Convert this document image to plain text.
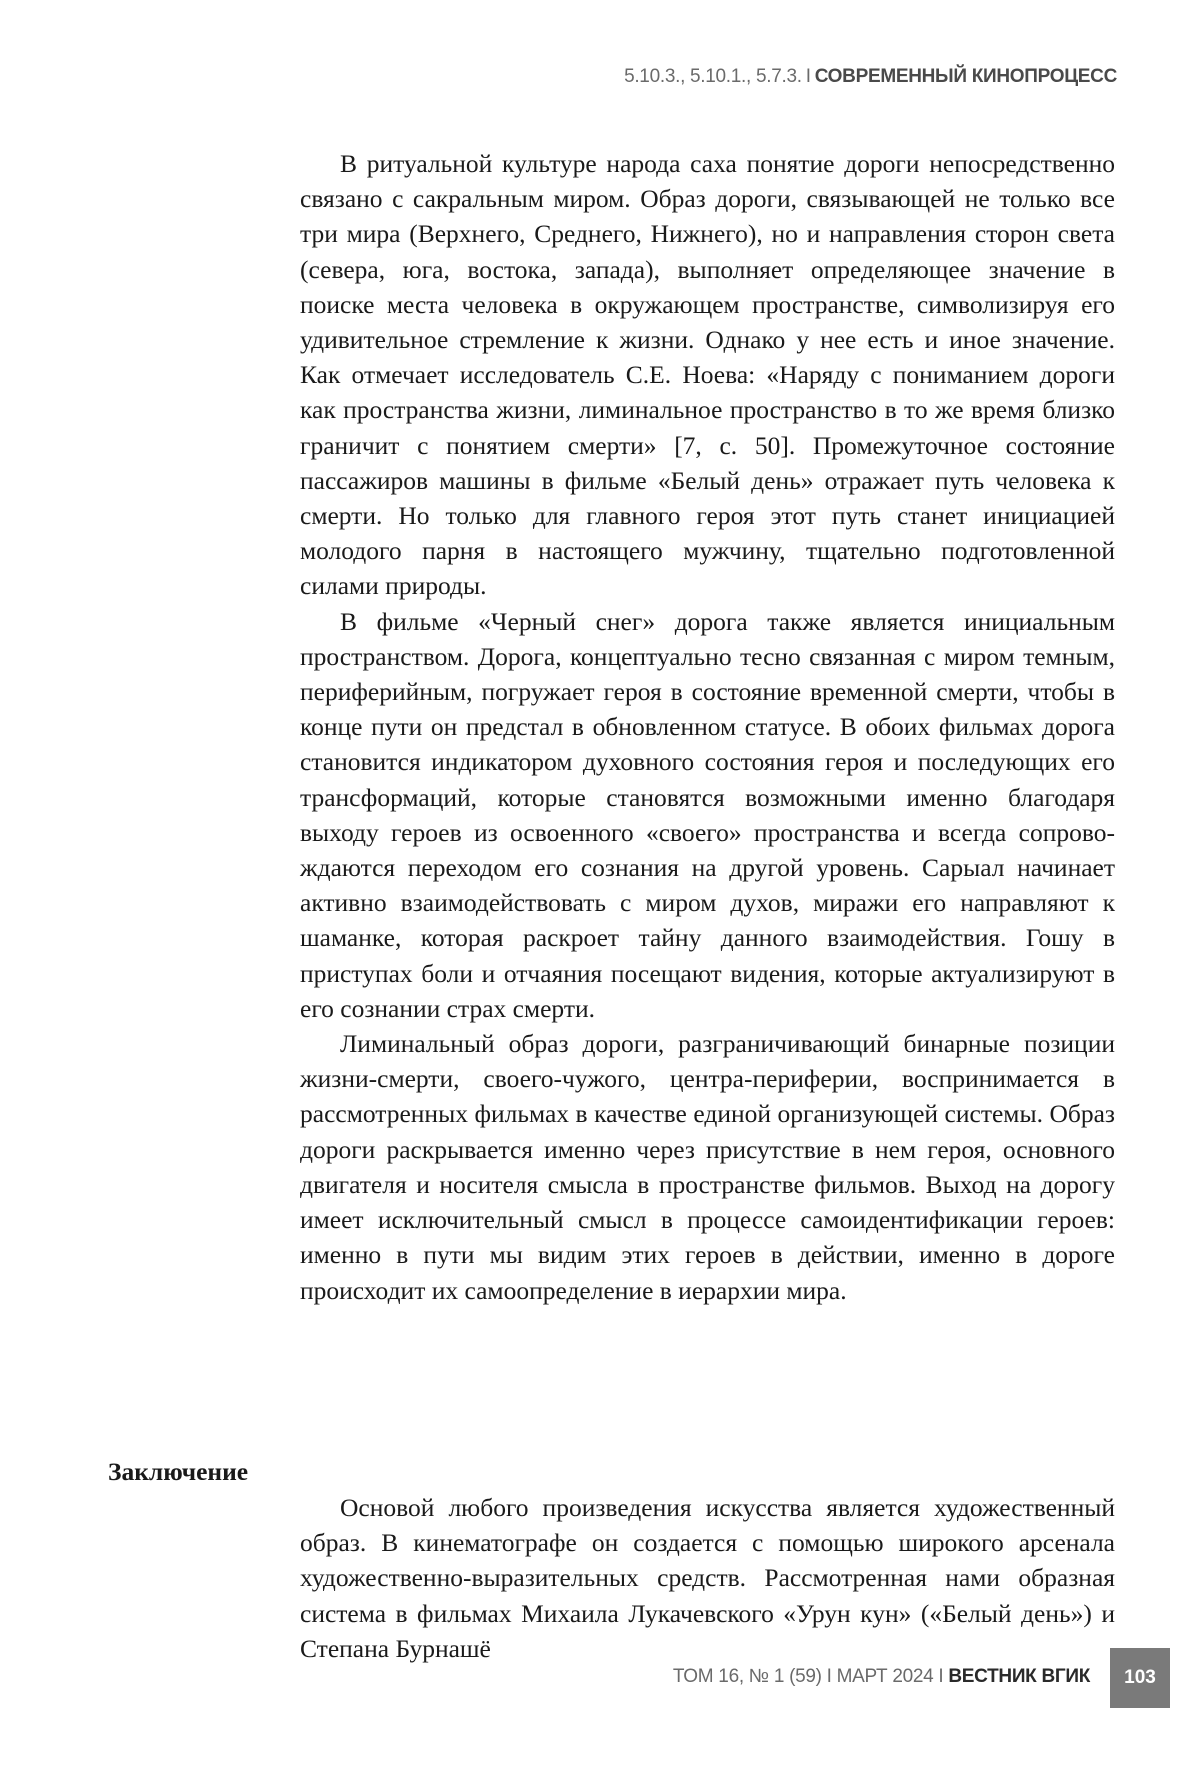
5.10.3., 5.10.1., 5.7.3. I СОВРЕМЕННЫЙ КИНОПРОЦЕСС

В ритуальной культуре народа саха понятие дороги непосредственно связано с сакральным миром. Образ дороги, связывающей не только все три мира (Верхнего, Среднего, Нижнего), но и направления сторон света (севера, юга, востока, запада), выполняет определяющее значение в поиске места человека в окружающем пространстве, символизируя его удивительное стремление к жизни. Однако у нее есть и иное значение. Как отмечает исследователь С.Е. Ноева: «Наряду с пониманием дороги как пространства жизни, лиминальное пространство в то же время близко граничит с понятием смерти» [7, с. 50]. Промежуточное состояние пассажиров машины в фильме «Белый день» отражает путь человека к смерти. Но только для главного героя этот путь станет инициацией молодого парня в настоящего мужчину, тщательно подготовленной силами природы.

В фильме «Черный снег» дорога также является инициальным пространством. Дорога, концептуально тесно связанная с миром темным, периферийным, погружает героя в состояние временной смерти, чтобы в конце пути он предстал в обновленном статусе. В обоих фильмах дорога становится индикатором духовного состояния героя и последующих его трансформаций, которые становятся возможными именно благодаря выходу героев из освоенного «своего» пространства и всегда сопровождаются переходом его сознания на другой уровень. Сарыал начинает активно взаимодействовать с миром духов, миражи его направляют к шаманке, которая раскроет тайну данного взаимодействия. Гошу в приступах боли и отчаяния посещают видения, которые актуализируют в его сознании страх смерти.

Лиминальный образ дороги, разграничивающий бинарные позиции жизни-смерти, своего-чужого, центра-периферии, воспринимается в рассмотренных фильмах в качестве единой организующей системы. Образ дороги раскрывается именно через присутствие в нем героя, основного двигателя и носителя смысла в пространстве фильмов. Выход на дорогу имеет исключительный смысл в процессе самоидентификации героев: именно в пути мы видим этих героев в действии, именно в дороге происходит их самоопределение в иерархии мира.

Заключение

Основой любого произведения искусства является художественный образ. В кинематографе он создается с помощью широкого арсенала художественно-выразительных средств. Рассмотренная нами образная система в фильмах Михаила Лукачевского «Урун кун» («Белый день») и Степана Бурнашё

ТОМ 16, № 1 (59) I МАРТ 2024 I ВЕСТНИК ВГИК	103
